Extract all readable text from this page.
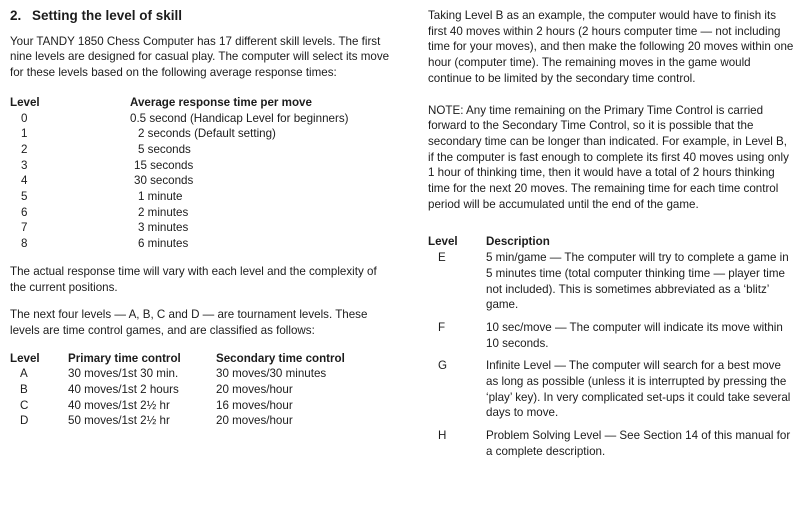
2. Setting the level of skill

Your TANDY 1850 Chess Computer has 17 different skill levels. The first nine levels are designed for casual play. The computer will select its move for these levels based on the following average response times:

Level	Average response time per move
0	0.5 second (Handicap Level for beginners)
1	2 seconds (Default setting)
2	5 seconds
3	15 seconds
4	30 seconds
5	1 minute
6	2 minutes
7	3 minutes
8	6 minutes

The actual response time will vary with each level and the complexity of the current positions.

The next four levels — A, B, C and D — are tournament levels. These levels are time control games, and are classified as follows:

Level	Primary time control	Secondary time control
A	30 moves/1st 30 min.	30 moves/30 minutes
B	40 moves/1st 2 hours	20 moves/hour
C	40 moves/1st 2½ hr	16 moves/hour
D	50 moves/1st 2½ hr	20 moves/hour

Taking Level B as an example, the computer would have to finish its first 40 moves within 2 hours (2 hours computer time — not including time for your moves), and then make the following 20 moves within one hour (computer time). The remaining moves in the game would continue to be limited by the secondary time control.

NOTE: Any time remaining on the Primary Time Control is carried forward to the Secondary Time Control, so it is possible that the secondary time can be longer than indicated. For example, in Level B, if the computer is fast enough to complete its first 40 moves using only 1 hour of thinking time, then it would have a total of 2 hours thinking time for the next 20 moves. The remaining time for each time control period will be accumulated until the end of the game.

Level	Description
E	5 min/game — The computer will try to complete a game in 5 minutes time (total computer thinking time — player time not included). This is sometimes abbreviated as a ‘blitz’ game.
F	10 sec/move — The computer will indicate its move within 10 seconds.
G	Infinite Level — The computer will search for a best move as long as possible (unless it is interrupted by pressing the ‘play’ key). In very complicated set-ups it could take several days to move.
H	Problem Solving Level — See Section 14 of this manual for a complete description.
